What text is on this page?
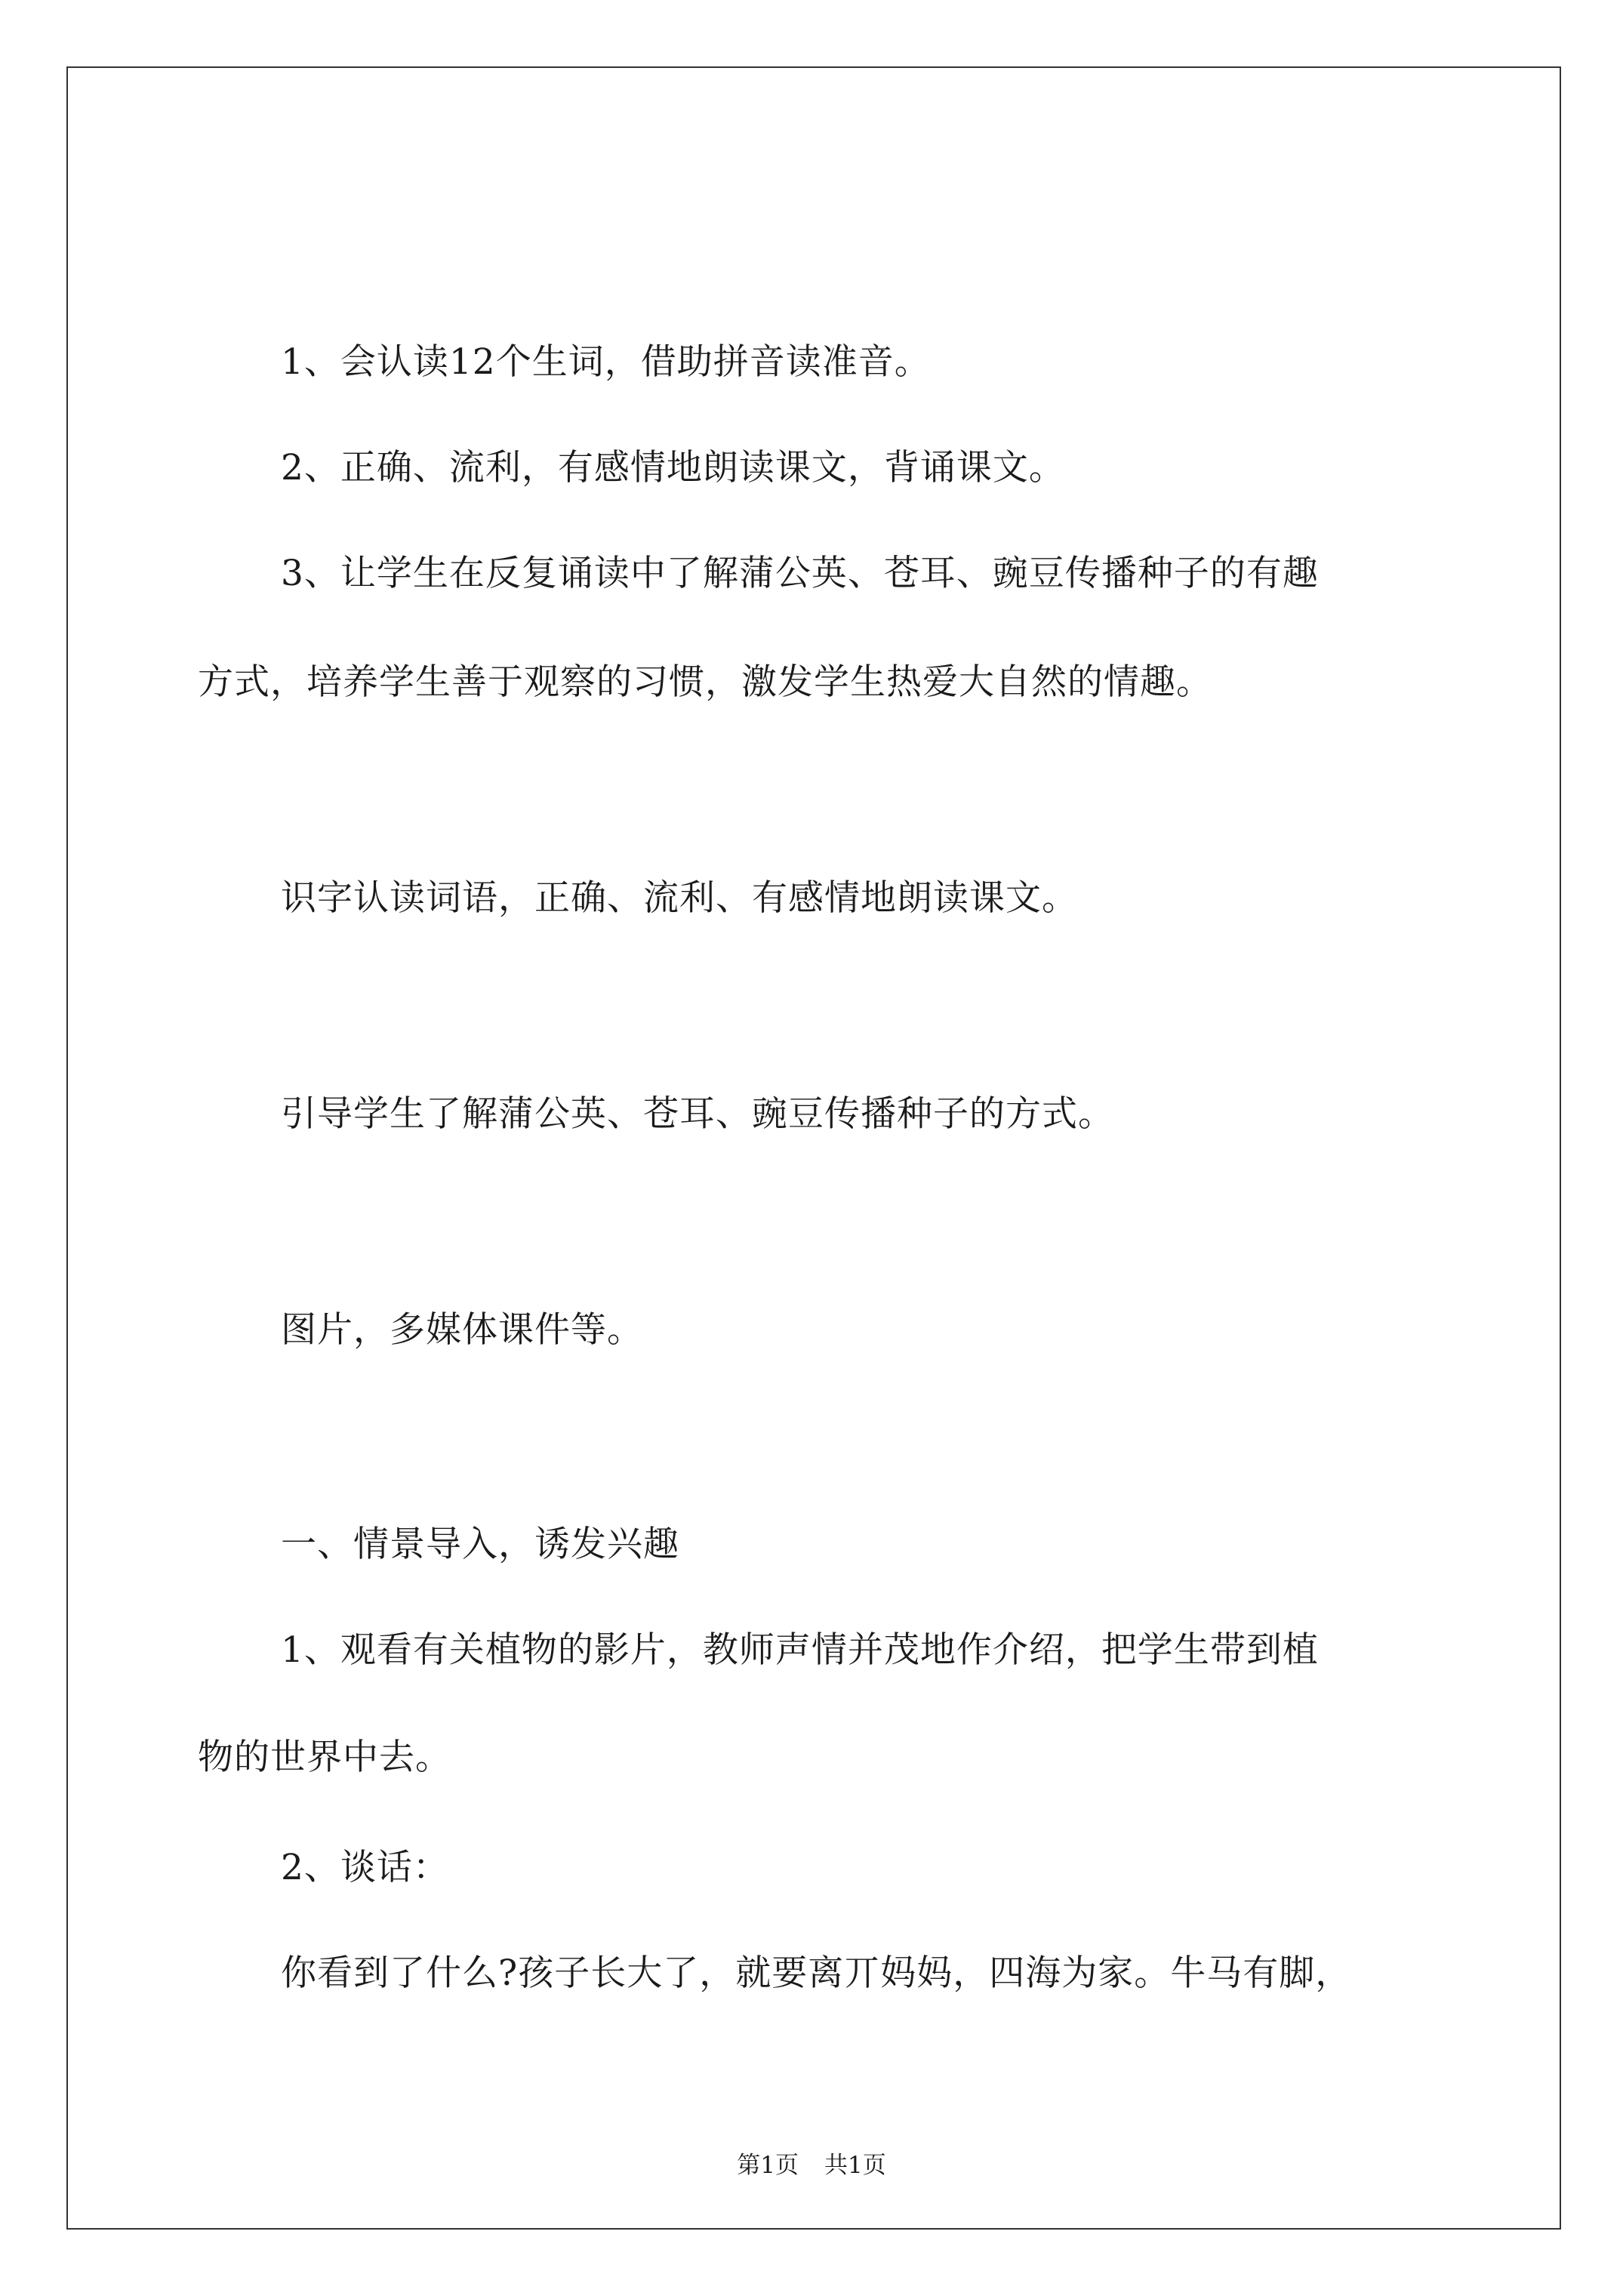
1、会认读12个生词，借助拼音读准音。
2、正确、流利，有感情地朗读课文，背诵课文。
3、让学生在反复诵读中了解蒲公英、苍耳、豌豆传播种子的有趣
方式，培养学生善于观察的习惯，激发学生热爱大自然的情趣。
识字认读词语，正确、流利、有感情地朗读课文。
引导学生了解蒲公英、苍耳、豌豆传播种子的方式。
图片，多媒体课件等。
一、情景导入，诱发兴趣
1、观看有关植物的影片，教师声情并茂地作介绍，把学生带到植
物的世界中去。
2、谈话：
你看到了什么?孩子长大了，就要离丌妈妈，四海为家。牛马有脚，
第1页 共1页
